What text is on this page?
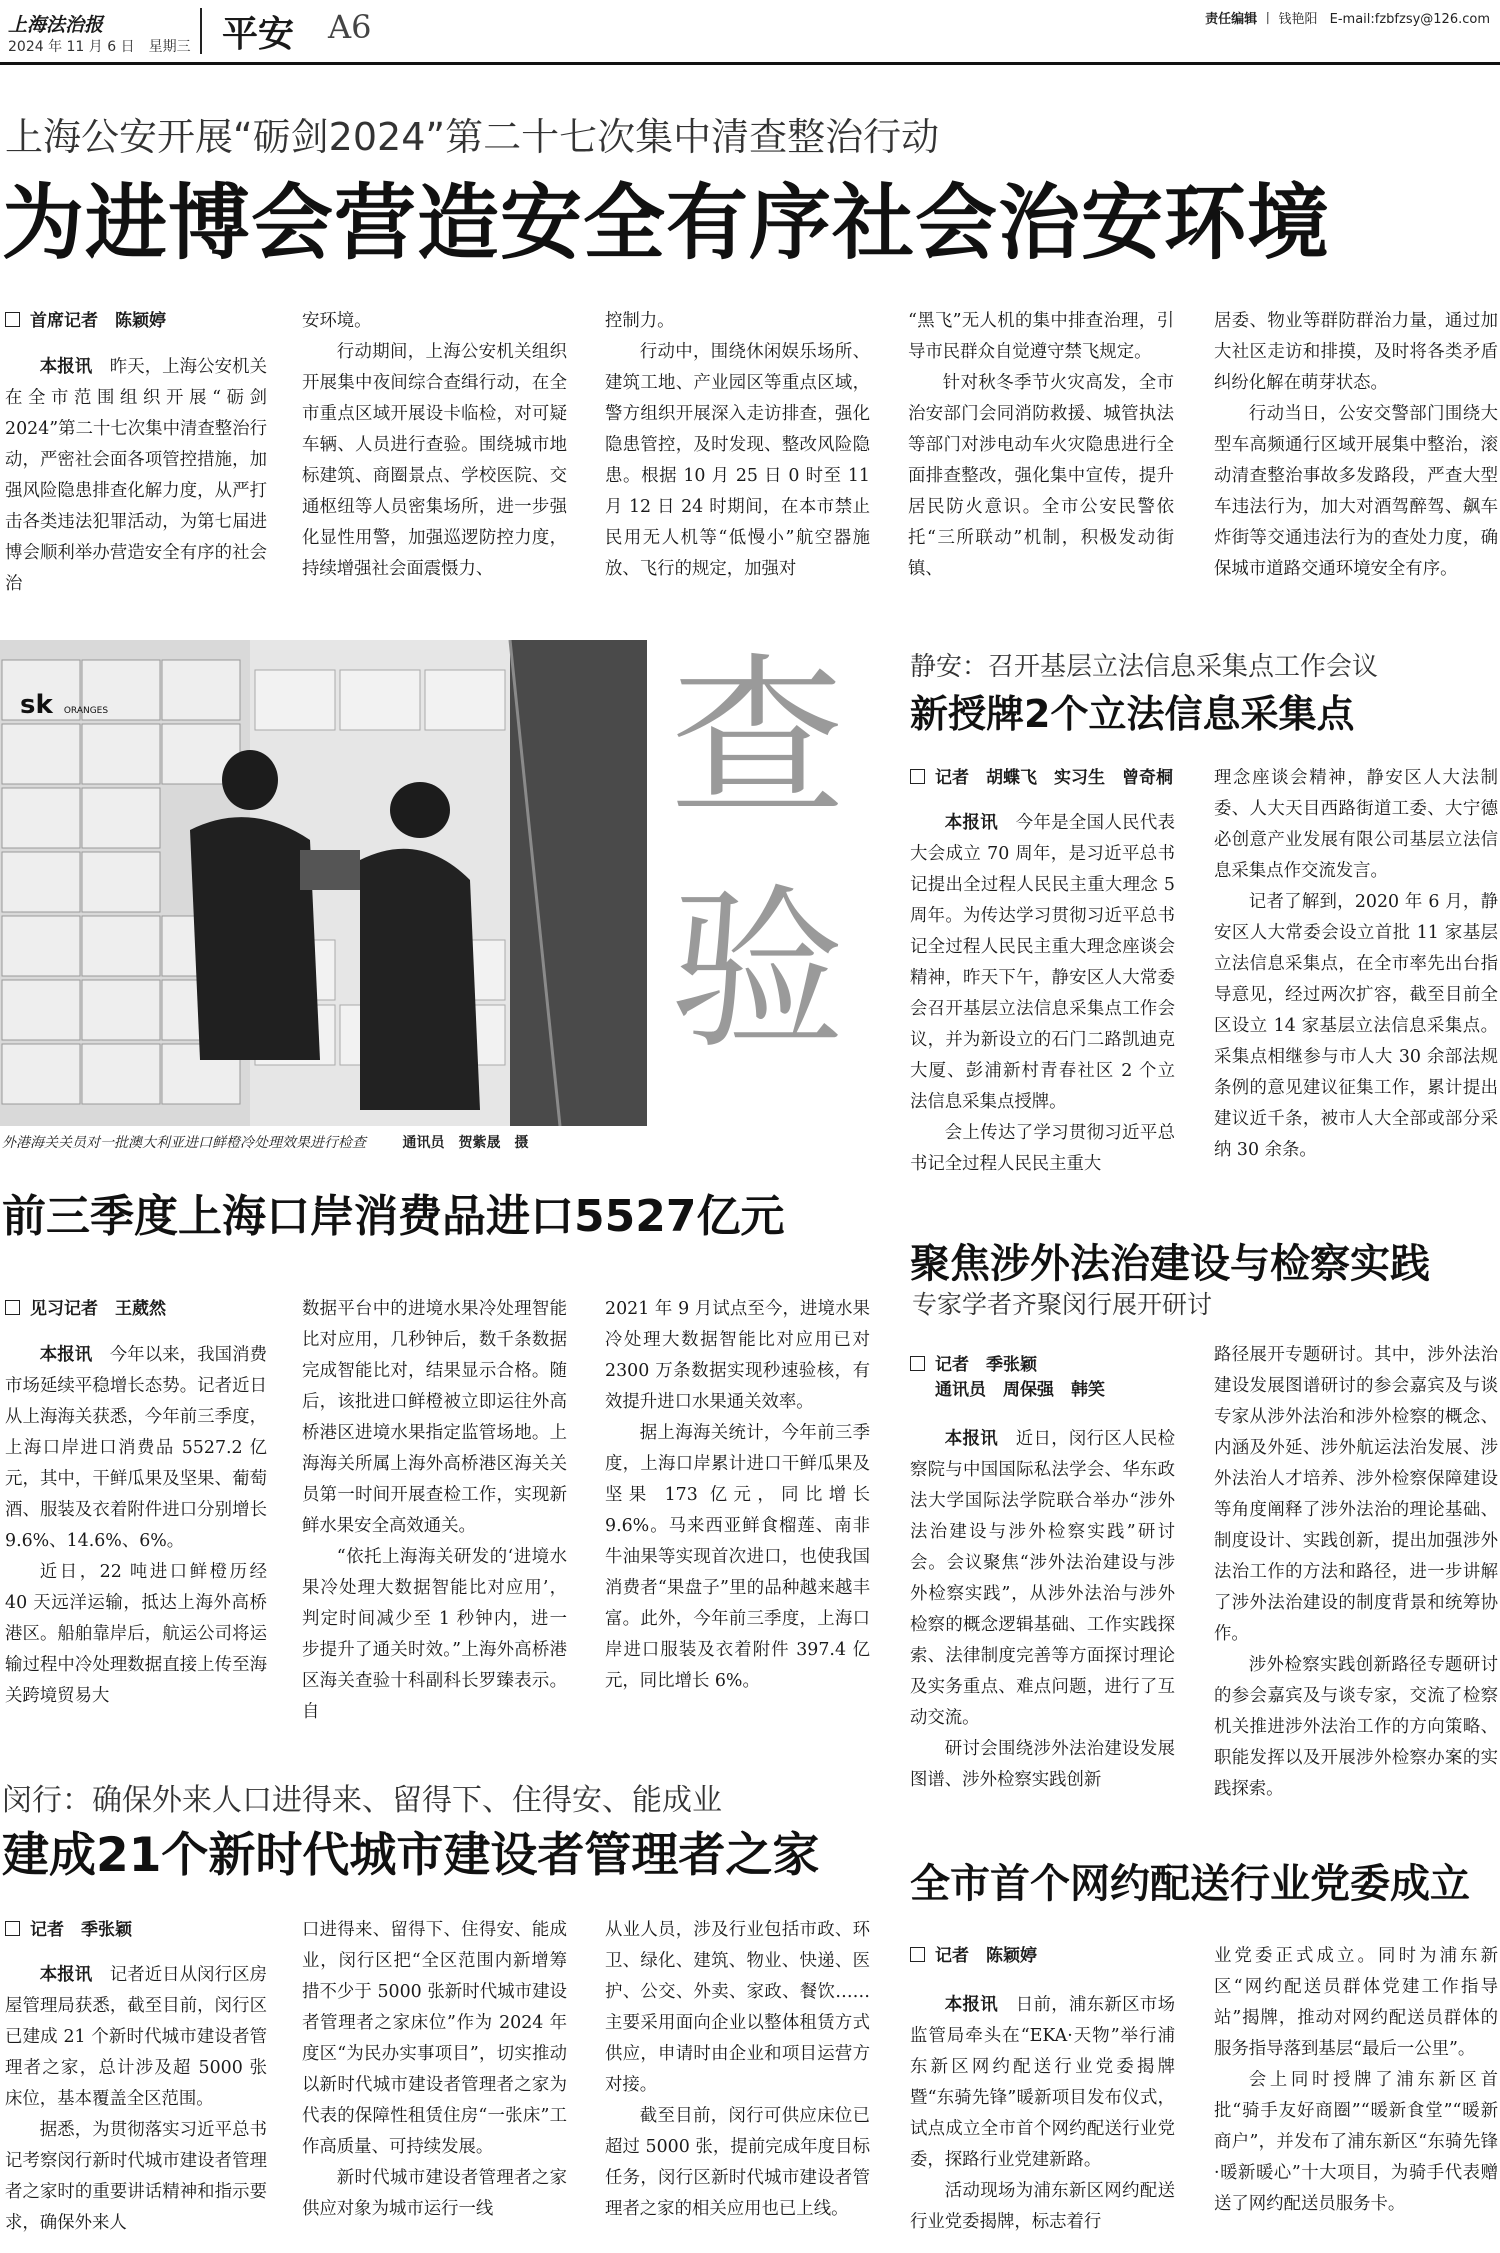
上海法治报
2024 年 11 月 6 日　星期三 平安 A6	责任编辑 丨 钱艳阳 E-mail:fzbfzsy@126.com
上海公安开展“砺剑2024”第二十七次集中清查整治行动
为进博会营造安全有序社会治安环境
首席记者　陈颖婷

本报讯　 昨天，上海公安机关在全市范围组织开展“砺剑 2024”第二十七次集中清查整治行动，严密社会面各项管控措施，加强风险隐患排查化解力度，从严打击各类违法犯罪活动，为第七届进博会顺利举办营造安全有序的社会治

安环境。

行动期间，上海公安机关组织开展集中夜间综合查缉行动，在全市重点区域开展设卡临检，对可疑车辆、人员进行查验。围绕城市地标建筑、商圈景点、学校医院、交通枢纽等人员密集场所，进一步强化显性用警，加强巡逻防控力度，持续增强社会面震慑力、

控制力。

行动中，围绕休闲娱乐场所、建筑工地、产业园区等重点区域，警方组织开展深入走访排查，强化隐患管控，及时发现、整改风险隐患。根据 10 月 25 日 0 时至 11 月 12 日 24 时期间，在本市禁止民用无人机等“低慢小”航空器施放、飞行的规定，加强对

“黑飞”无人机的集中排查治理，引导市民群众自觉遵守禁飞规定。

针对秋冬季节火灾高发，全市治安部门会同消防救援、城管执法等部门对涉电动车火灾隐患进行全面排查整改，强化集中宣传，提升居民防火意识。全市公安民警依托“三所联动”机制，积极发动街镇、

居委、物业等群防群治力量，通过加大社区走访和排摸，及时将各类矛盾纠纷化解在萌芽状态。

行动当日，公安交警部门围绕大型车高频通行区域开展集中整治，滚动清查整治事故多发路段，严查大型车违法行为，加大对酒驾醉驾、飙车炸街等交通违法行为的查处力度，确保城市道路交通环境安全有序。

sk ORANGES
外港海关关员对一批澳大利亚进口鲜橙冷处理效果进行检查	通讯员　贺紫晟　摄
查
验
前三季度上海口岸消费品进口5527亿元
见习记者　王葳然

本报讯　 今年以来，我国消费市场延续平稳增长态势。记者近日从上海海关获悉，今年前三季度，上海口岸进口消费品 5527.2 亿元，其中，干鲜瓜果及坚果、葡萄酒、服装及衣着附件进口分别增长 9.6%、14.6%、6%。

近日，22 吨进口鲜橙历经 40 天远洋运输，抵达上海外高桥港区。船舶靠岸后，航运公司将运输过程中冷处理数据直接上传至海关跨境贸易大

数据平台中的进境水果冷处理智能比对应用，几秒钟后，数千条数据完成智能比对，结果显示合格。随后，该批进口鲜橙被立即运往外高桥港区进境水果指定监管场地。上海海关所属上海外高桥港区海关关员第一时间开展查检工作，实现新鲜水果安全高效通关。

“依托上海海关研发的‘进境水果冷处理大数据智能比对应用’，判定时间减少至 1 秒钟内，进一步提升了通关时效。”上海外高桥港区海关查验十科副科长罗臻表示。自

2021 年 9 月试点至今，进境水果冷处理大数据智能比对应用已对 2300 万条数据实现秒速验核，有效提升进口水果通关效率。

据上海海关统计，今年前三季度，上海口岸累计进口干鲜瓜果及坚果 173 亿元，同比增长 9.6%。马来西亚鲜食榴莲、南非牛油果等实现首次进口，也使我国消费者“果盘子”里的品种越来越丰富。此外，今年前三季度，上海口岸进口服装及衣着附件 397.4 亿元，同比增长 6%。

闵行：确保外来人口进得来、留得下、住得安、能成业
建成21个新时代城市建设者管理者之家
记者　季张颖

本报讯　 记者近日从闵行区房屋管理局获悉，截至目前，闵行区已建成 21 个新时代城市建设者管理者之家，总计涉及超 5000 张床位，基本覆盖全区范围。

据悉，为贯彻落实习近平总书记考察闵行新时代城市建设者管理者之家时的重要讲话精神和指示要求，确保外来人

口进得来、留得下、住得安、能成业，闵行区把“全区范围内新增筹措不少于 5000 张新时代城市建设者管理者之家床位”作为 2024 年度区“为民办实事项目”，切实推动以新时代城市建设者管理者之家为代表的保障性租赁住房“一张床”工作高质量、可持续发展。

新时代城市建设者管理者之家供应对象为城市运行一线

从业人员，涉及行业包括市政、环卫、绿化、建筑、物业、快递、医护、公交、外卖、家政、餐饮……主要采用面向企业以整体租赁方式供应，申请时由企业和项目运营方对接。

截至目前，闵行可供应床位已超过 5000 张，提前完成年度目标任务，闵行区新时代城市建设者管理者之家的相关应用也已上线。

静安：召开基层立法信息采集点工作会议
新授牌2个立法信息采集点
记者　胡蝶飞　实习生　曾奇桐

本报讯　 今年是全国人民代表大会成立 70 周年，是习近平总书记提出全过程人民民主重大理念 5 周年。为传达学习贯彻习近平总书记全过程人民民主重大理念座谈会精神，昨天下午，静安区人大常委会召开基层立法信息采集点工作会议，并为新设立的石门二路凯迪克大厦、彭浦新村青春社区 2 个立法信息采集点授牌。

会上传达了学习贯彻习近平总书记全过程人民民主重大

理念座谈会精神，静安区人大法制委、人大天目西路街道工委、大宁德必创意产业发展有限公司基层立法信息采集点作交流发言。

记者了解到，2020 年 6 月，静安区人大常委会设立首批 11 家基层立法信息采集点，在全市率先出台指导意见，经过两次扩容，截至目前全区设立 14 家基层立法信息采集点。采集点相继参与市人大 30 余部法规条例的意见建议征集工作，累计提出建议近千条，被市人大全部或部分采纳 30 余条。

聚焦涉外法治建设与检察实践
专家学者齐聚闵行展开研讨
记者　季张颖
通讯员　周保强　韩笑

本报讯　 近日，闵行区人民检察院与中国国际私法学会、华东政法大学国际法学院联合举办“涉外法治建设与涉外检察实践”研讨会。会议聚焦“涉外法治建设与涉外检察实践”，从涉外法治与涉外检察的概念逻辑基础、工作实践探索、法律制度完善等方面探讨理论及实务重点、难点问题，进行了互动交流。

研讨会围绕涉外法治建设发展图谱、涉外检察实践创新

路径展开专题研讨。其中，涉外法治建设发展图谱研讨的参会嘉宾及与谈专家从涉外法治和涉外检察的概念、内涵及外延、涉外航运法治发展、涉外法治人才培养、涉外检察保障建设等角度阐释了涉外法治的理论基础、制度设计、实践创新，提出加强涉外法治工作的方法和路径，进一步讲解了涉外法治建设的制度背景和统筹协作。

涉外检察实践创新路径专题研讨的参会嘉宾及与谈专家，交流了检察机关推进涉外法治工作的方向策略、职能发挥以及开展涉外检察办案的实践探索。

全市首个网约配送行业党委成立
记者　陈颖婷

本报讯　 日前，浦东新区市场监管局牵头在“EKA·天物”举行浦东新区网约配送行业党委揭牌暨“东骑先锋”暖新项目发布仪式，试点成立全市首个网约配送行业党委，探路行业党建新路。

活动现场为浦东新区网约配送行业党委揭牌，标志着行

业党委正式成立。同时为浦东新区“网约配送员群体党建工作指导站”揭牌，推动对网约配送员群体的服务指导落到基层“最后一公里”。

会上同时授牌了浦东新区首批“骑手友好商圈”“暖新食堂”“暖新商户”，并发布了浦东新区“东骑先锋·暖新暖心”十大项目，为骑手代表赠送了网约配送员服务卡。
